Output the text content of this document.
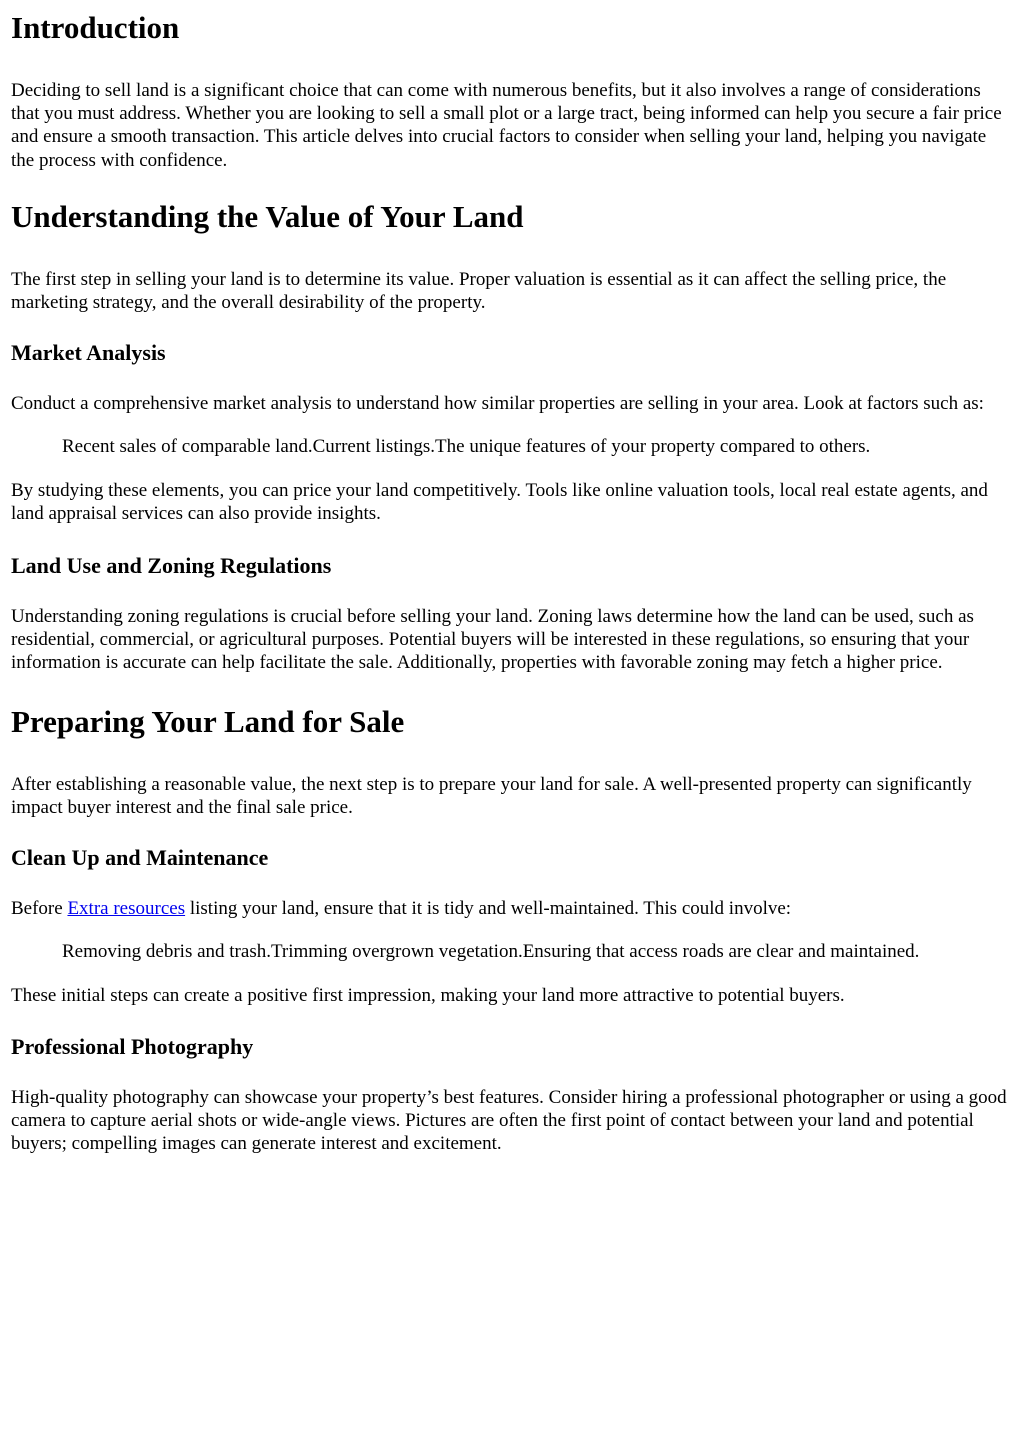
Introduction

Deciding to sell land is a significant choice that can come with numerous benefits, but it also involves a range of considerations that you must address. Whether you are looking to sell a small plot or a large tract, being informed can help you secure a fair price and ensure a smooth transaction. This article delves into crucial factors to consider when selling your land, helping you navigate the process with confidence.

Understanding the Value of Your Land

The first step in selling your land is to determine its value. Proper valuation is essential as it can affect the selling price, the marketing strategy, and the overall desirability of the property.

Market Analysis

Conduct a comprehensive market analysis to understand how similar properties are selling in your area. Look at factors such as:

Recent sales of comparable land.Current listings.The unique features of your property compared to others.

By studying these elements, you can price your land competitively. Tools like online valuation tools, local real estate agents, and land appraisal services can also provide insights.

Land Use and Zoning Regulations

Understanding zoning regulations is crucial before selling your land. Zoning laws determine how the land can be used, such as residential, commercial, or agricultural purposes. Potential buyers will be interested in these regulations, so ensuring that your information is accurate can help facilitate the sale. Additionally, properties with favorable zoning may fetch a higher price.

Preparing Your Land for Sale

After establishing a reasonable value, the next step is to prepare your land for sale. A well-presented property can significantly impact buyer interest and the final sale price.

Clean Up and Maintenance

Before Extra resources listing your land, ensure that it is tidy and well-maintained. This could involve:

Removing debris and trash.Trimming overgrown vegetation.Ensuring that access roads are clear and maintained.

These initial steps can create a positive first impression, making your land more attractive to potential buyers.

Professional Photography

High-quality photography can showcase your property’s best features. Consider hiring a professional photographer or using a good camera to capture aerial shots or wide-angle views. Pictures are often the first point of contact between your land and potential buyers; compelling images can generate interest and excitement.
